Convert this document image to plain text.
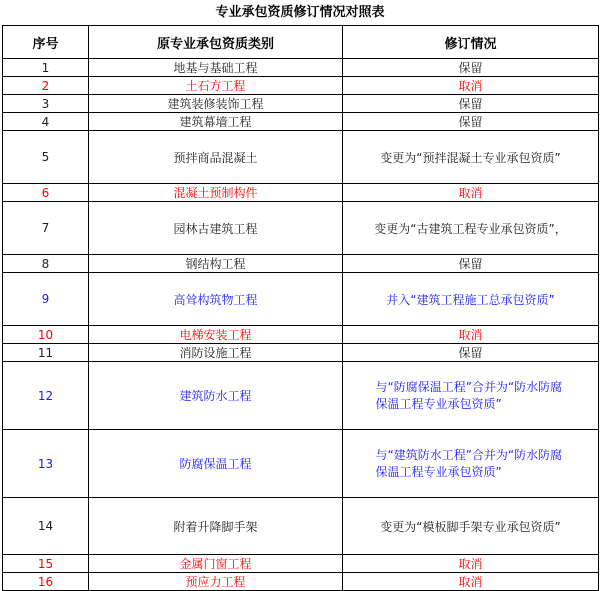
专业承包资质修订情况对照表
序号	原专业承包资质类别	修订情况
1	地基与基础工程	保留
2	土石方工程	取消
3	建筑装修装饰工程	保留
4	建筑幕墙工程	保留
5	预拌商品混凝土	变更为“预拌混凝土专业承包资质”
6	混凝土预制构件	取消
7	园林古建筑工程	变更为“古建筑工程专业承包资质”，
8	钢结构工程	保留
9	高耸构筑物工程	并入“建筑工程施工总承包资质”
10	电梯安装工程	取消
11	消防设施工程	保留
12	建筑防水工程	与“防腐保温工程”合并为“防水防腐保温工程专业承包资质”
13	防腐保温工程	与“建筑防水工程”合并为“防水防腐保温工程专业承包资质”
14	附着升降脚手架	变更为“模板脚手架专业承包资质”
15	金属门窗工程	取消
16	预应力工程	取消
